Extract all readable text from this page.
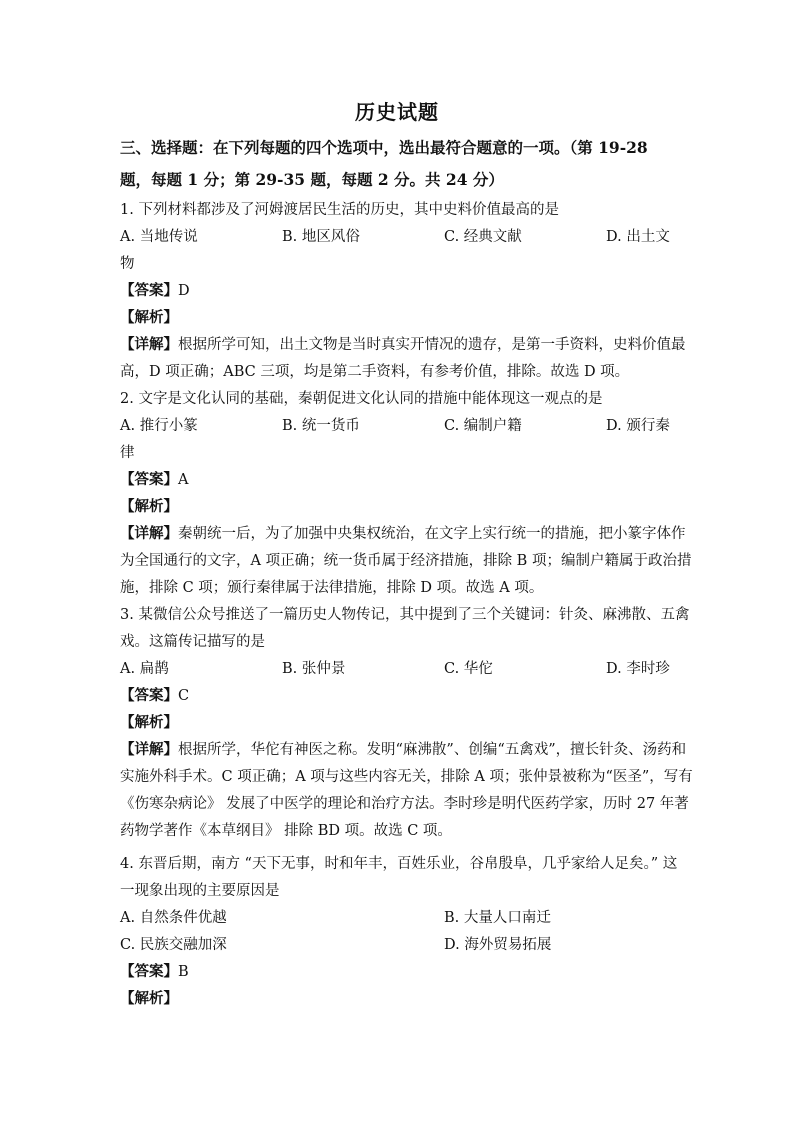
历史试题
三、选择题：在下列每题的四个选项中，选出最符合题意的一项。（第 19-28
题，每题 1 分；第 29-35 题，每题 2 分。共 24 分）
1. 下列材料都涉及了河姆渡居民生活的历史，其中史料价值最高的是
A. 当地传说	B. 地区风俗	C. 经典文献	D. 出土文
物
【答案】D
【解析】
【详解】根据所学可知，出土文物是当时真实开情况的遗存，是第一手资料，史料价值最
高，D 项正确；ABC 三项，均是第二手资料，有参考价值，排除。故选 D 项。
2. 文字是文化认同的基础，秦朝促进文化认同的措施中能体现这一观点的是
A. 推行小篆	B. 统一货币	C. 编制户籍	D. 颁行秦
律
【答案】A
【解析】
【详解】秦朝统一后，为了加强中央集权统治，在文字上实行统一的措施，把小篆字体作
为全国通行的文字，A 项正确；统一货币属于经济措施，排除 B 项；编制户籍属于政治措
施，排除 C 项；颁行秦律属于法律措施，排除 D 项。故选 A 项。
3. 某微信公众号推送了一篇历史人物传记，其中提到了三个关键词：针灸、麻沸散、五禽
戏。这篇传记描写的是
A. 扁鹊	B. 张仲景	C. 华佗	D. 李时珍
【答案】C
【解析】
【详解】根据所学，华佗有神医之称。发明“麻沸散”、创编“五禽戏”，擅长针灸、汤药和
实施外科手术。C 项正确；A 项与这些内容无关，排除 A 项；张仲景被称为“医圣”，写有
《伤寒杂病论》 发展了中医学的理论和治疗方法。李时珍是明代医药学家，历时 27 年著
药物学著作《本草纲目》 排除 BD 项。故选 C 项。
4. 东晋后期，南方 “天下无事，时和年丰，百姓乐业，谷帛殷阜，几乎家给人足矣。” 这
一现象出现的主要原因是
A. 自然条件优越	B. 大量人口南迁
C. 民族交融加深	D. 海外贸易拓展
【答案】B
【解析】
